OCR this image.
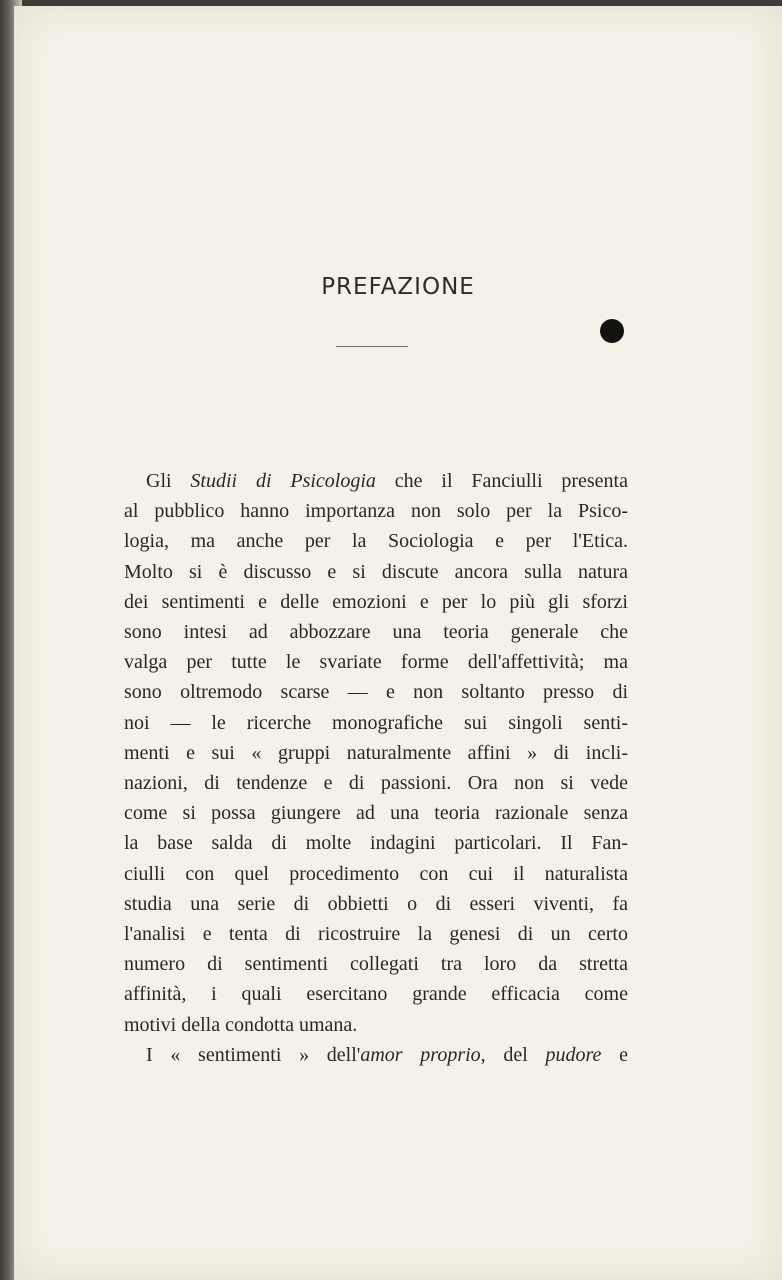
PREFAZIONE
Gli Studii di Psicologia che il Fanciulli presenta
al pubblico hanno importanza non solo per la Psico-
logia, ma anche per la Sociologia e per l'Etica.
Molto si è discusso e si discute ancora sulla natura
dei sentimenti e delle emozioni e per lo più gli sforzi
sono intesi ad abbozzare una teoria generale che
valga per tutte le svariate forme dell'affettività; ma
sono oltremodo scarse — e non soltanto presso di
noi — le ricerche monografiche sui singoli senti-
menti e sui « gruppi naturalmente affini » di incli-
nazioni, di tendenze e di passioni. Ora non si vede
come si possa giungere ad una teoria razionale senza
la base salda di molte indagini particolari. Il Fan-
ciulli con quel procedimento con cui il naturalista
studia una serie di obbietti o di esseri viventi, fa
l'analisi e tenta di ricostruire la genesi di un certo
numero di sentimenti collegati tra loro da stretta
affinità, i quali esercitano grande efficacia come
motivi della condotta umana.
I « sentimenti » dell'amor proprio, del pudore e
